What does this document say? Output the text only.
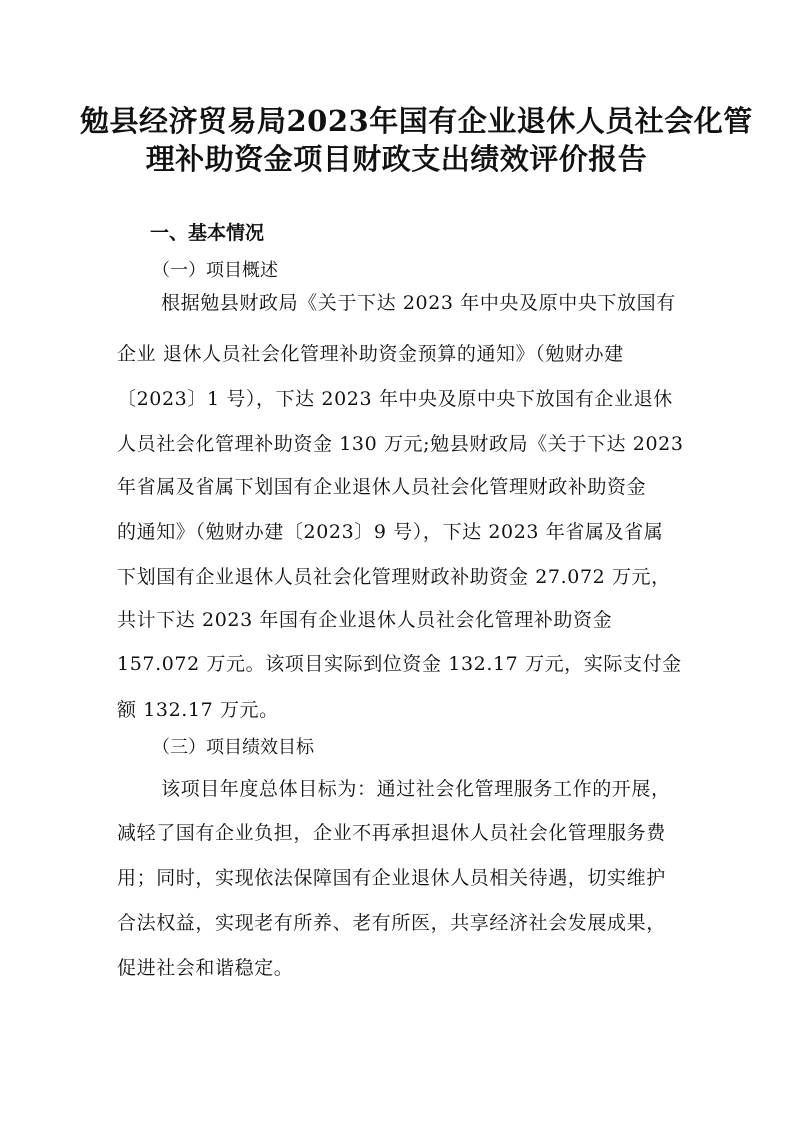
勉县经济贸易局2023年国有企业退休人员社会化管
理补助资金项目财政支出绩效评价报告
一、基本情况
（一）项目概述
根据勉县财政局《关于下达 2023 年中央及原中央下放国有
企业 退休人员社会化管理补助资金预算的通知》（勉财办建
〔2023〕1 号），下达 2023 年中央及原中央下放国有企业退休
人员社会化管理补助资金 130 万元;勉县财政局《关于下达 2023
年省属及省属下划国有企业退休人员社会化管理财政补助资金
的通知》（勉财办建〔2023〕9 号），下达 2023 年省属及省属
下划国有企业退休人员社会化管理财政补助资金 27.072 万元，
共计下达 2023 年国有企业退休人员社会化管理补助资金
157.072 万元。该项目实际到位资金 132.17 万元，实际支付金
额 132.17 万元。
（三）项目绩效目标
该项目年度总体目标为：通过社会化管理服务工作的开展，
减轻了国有企业负担，企业不再承担退休人员社会化管理服务费
用；同时，实现依法保障国有企业退休人员相关待遇，切实维护
合法权益，实现老有所养、老有所医，共享经济社会发展成果，
促进社会和谐稳定。
